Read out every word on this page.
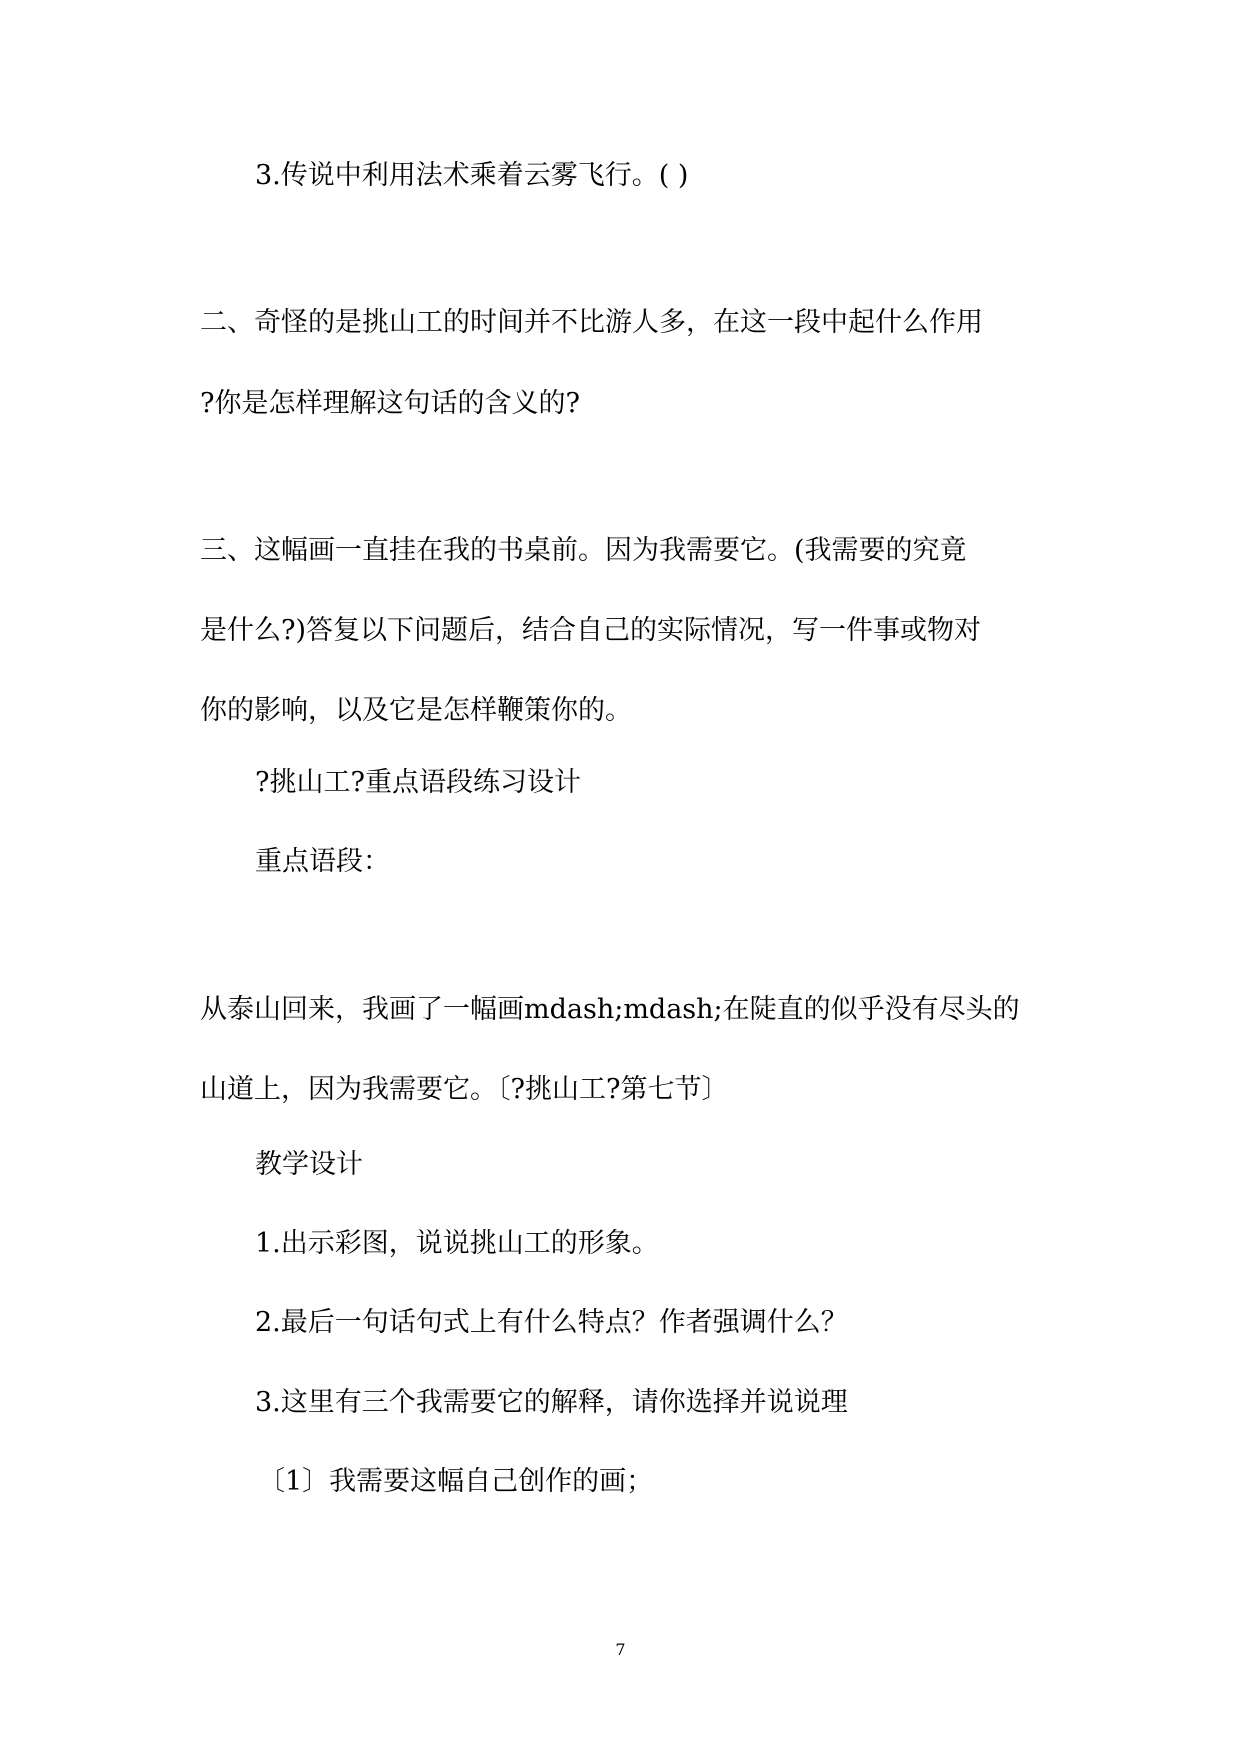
3.传说中利用法术乘着云雾飞行。( )
二、奇怪的是挑山工的时间并不比游人多，在这一段中起什么作用
?你是怎样理解这句话的含义的?
三、这幅画一直挂在我的书桌前。因为我需要它。(我需要的究竟
是什么?)答复以下问题后，结合自己的实际情况，写一件事或物对
你的影响，以及它是怎样鞭策你的。
?挑山工?重点语段练习设计
重点语段：
从泰山回来，我画了一幅画mdash;mdash;在陡直的似乎没有尽头的
山道上，因为我需要它。〔?挑山工?第七节〕
教学设计
1.出示彩图，说说挑山工的形象。
2.最后一句话句式上有什么特点？作者强调什么？
3.这里有三个我需要它的解释，请你选择并说说理
〔1〕我需要这幅自己创作的画；
7
